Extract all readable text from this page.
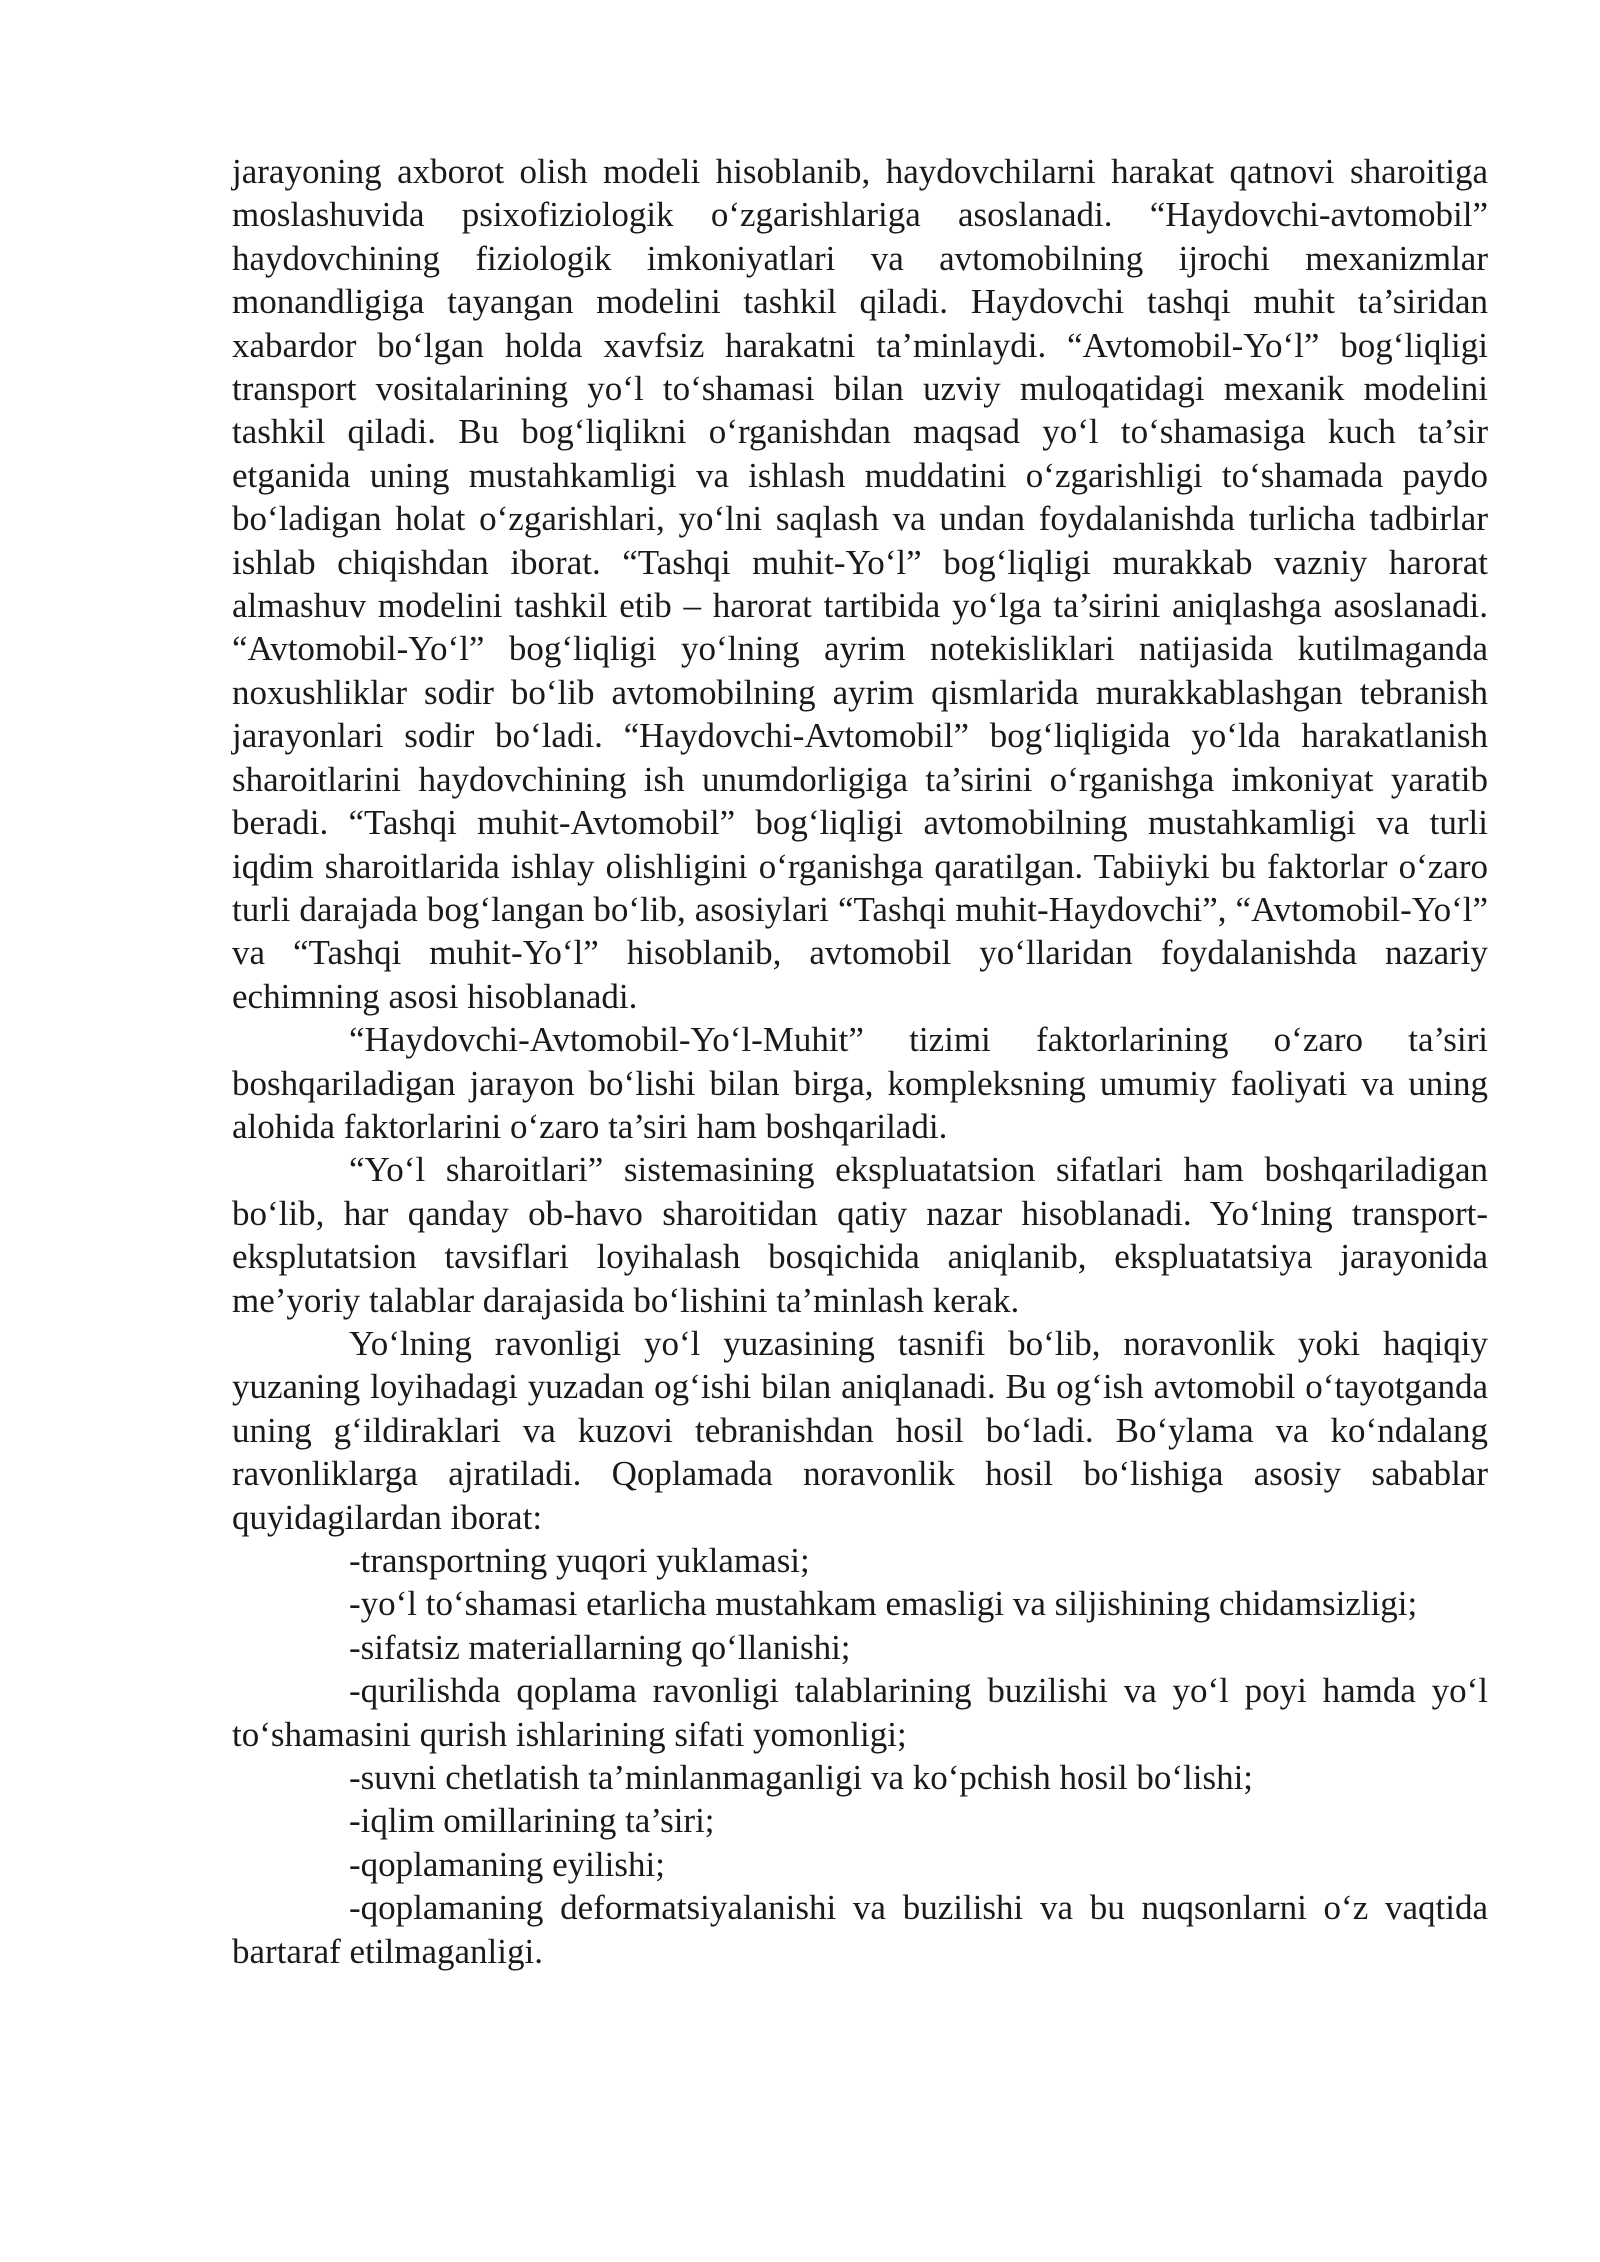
jarayoning axborot olish modeli hisoblanib, haydovchilarni harakat qatnovi sharoitiga moslashuvida psixofiziologik o‘zgarishlariga asoslanadi. “Haydovchi-avtomobil” haydovchining fiziologik imkoniyatlari va avtomobilning ijrochi mexanizmlar monandligiga tayangan modelini tashkil qiladi. Haydovchi tashqi muhit ta’siridan xabardor bo‘lgan holda xavfsiz harakatni ta’minlaydi. “Avtomobil-Yo‘l” bog‘liqligi transport vositalarining yo‘l to‘shamasi bilan uzviy muloqatidagi mexanik modelini tashkil qiladi. Bu bog‘liqlikni o‘rganishdan maqsad yo‘l to‘shamasiga kuch ta’sir etganida uning mustahkamligi va ishlash muddatini o‘zgarishligi to‘shamada paydo bo‘ladigan holat o‘zgarishlari, yo‘lni saqlash va undan foydalanishda turlicha tadbirlar ishlab chiqishdan iborat. “Tashqi muhit-Yo‘l” bog‘liqligi murakkab vazniy harorat almashuv modelini tashkil etib – harorat tartibida yo‘lga ta’sirini aniqlashga asoslanadi. “Avtomobil-Yo‘l” bog‘liqligi yo‘lning ayrim notekisliklari natijasida kutilmaganda noxushliklar sodir bo‘lib avtomobilning ayrim qismlarida murakkablashgan tebranish jarayonlari sodir bo‘ladi. “Haydovchi-Avtomobil” bog‘liqligida yo‘lda harakatlanish sharoitlarini haydovchining ish unumdorligiga ta’sirini o‘rganishga imkoniyat yaratib beradi. “Tashqi muhit-Avtomobil” bog‘liqligi avtomobilning mustahkamligi va turli iqdim sharoitlarida ishlay olishligini o‘rganishga qaratilgan. Tabiiyki bu faktorlar o‘zaro turli darajada bog‘langan bo‘lib, asosiylari “Tashqi muhit-Haydovchi”, “Avtomobil-Yo‘l” va “Tashqi muhit-Yo‘l” hisoblanib, avtomobil yo‘llaridan foydalanishda nazariy echimning asosi hisoblanadi.

“Haydovchi-Avtomobil-Yo‘l-Muhit” tizimi faktorlarining o‘zaro ta’siri boshqariladigan jarayon bo‘lishi bilan birga, kompleksning umumiy faoliyati va uning alohida faktorlarini o‘zaro ta’siri ham boshqariladi.

“Yo‘l sharoitlari” sistemasining ekspluatatsion sifatlari ham boshqariladigan bo‘lib, har qanday ob-havo sharoitidan qatiy nazar hisoblanadi. Yo‘lning transport-eksplutatsion tavsiflari loyihalash bosqichida aniqlanib, ekspluatatsiya jarayonida me’yoriy talablar darajasida bo‘lishini ta’minlash kerak.

Yo‘lning ravonligi yo‘l yuzasining tasnifi bo‘lib, noravonlik yoki haqiqiy yuzaning loyihadagi yuzadan og‘ishi bilan aniqlanadi. Bu og‘ish avtomobil o‘tayotganda uning g‘ildiraklari va kuzovi tebranishdan hosil bo‘ladi. Bo‘ylama va ko‘ndalang ravonliklarga ajratiladi. Qoplamada noravonlik hosil bo‘lishiga asosiy sabablar quyidagilardan iborat:

-transportning yuqori yuklamasi;

-yo‘l to‘shamasi etarlicha mustahkam emasligi va siljishining chidamsizligi;

-sifatsiz materiallarning qo‘llanishi;

-qurilishda qoplama ravonligi talablarining buzilishi va yo‘l poyi hamda yo‘l to‘shamasini qurish ishlarining sifati yomonligi;

-suvni chetlatish ta’minlanmaganligi va ko‘pchish hosil bo‘lishi;

-iqlim omillarining ta’siri;

-qoplamaning eyilishi;

-qoplamaning deformatsiyalanishi va buzilishi va bu nuqsonlarni o‘z vaqtida bartaraf etilmaganligi.
